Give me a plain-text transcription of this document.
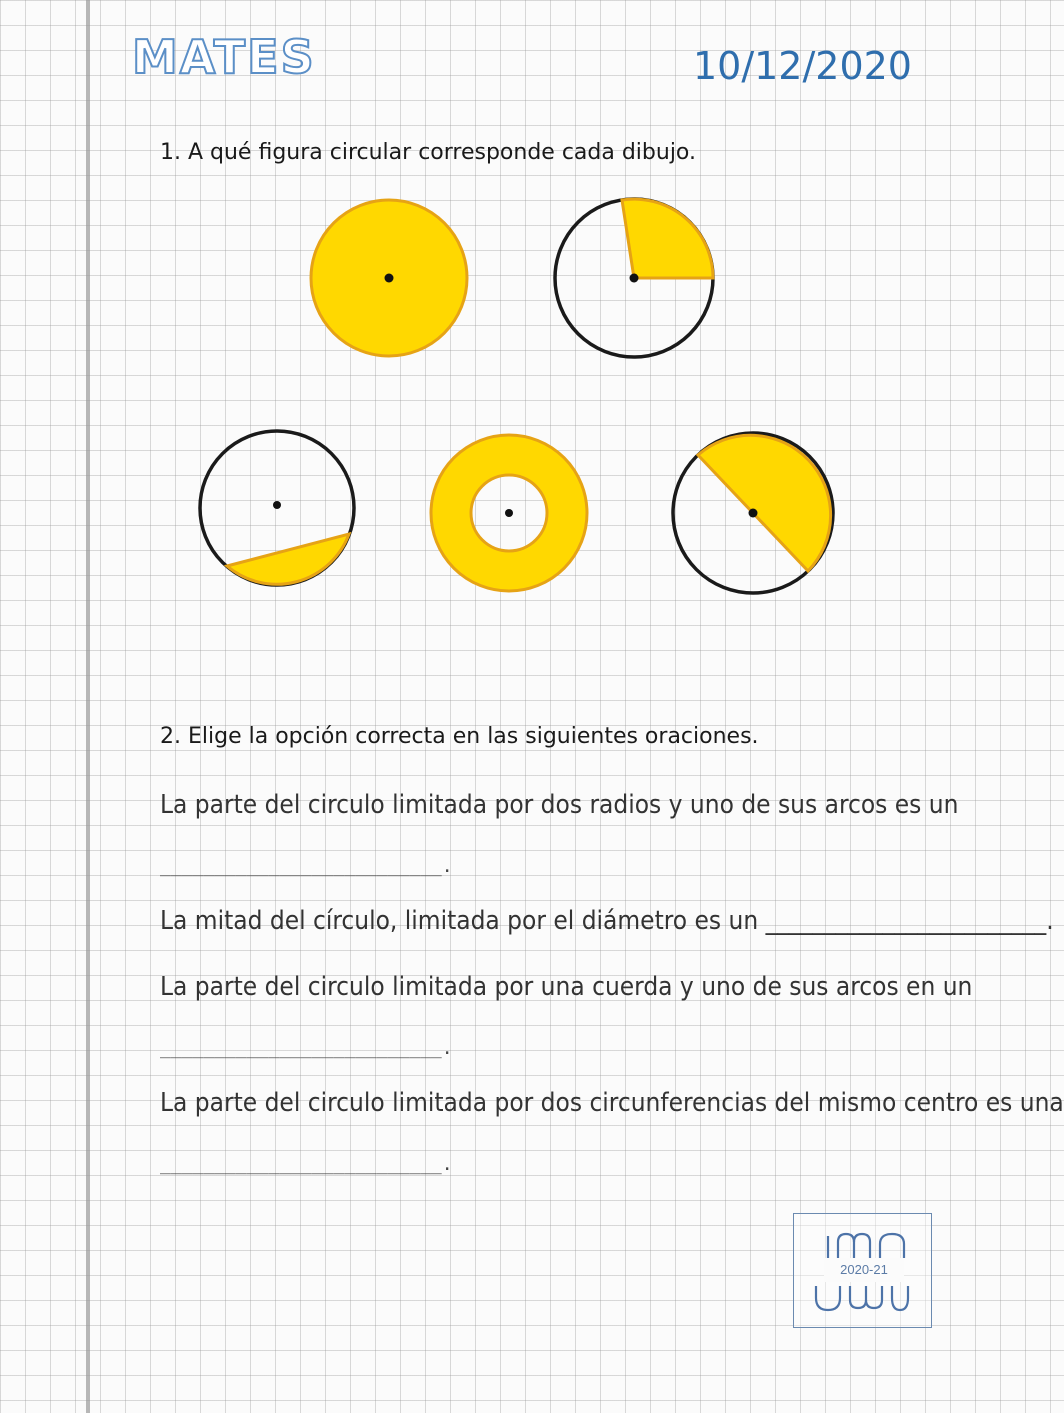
MATES	10/12/2020
1. A qué figura circular corresponde cada dibujo.
2. Elige la opción correcta en las siguientes oraciones.
La parte del circulo limitada por dos radios y uno de sus arcos es un
__________________________.
La mitad del círculo, limitada por el diámetro es un ________________________.
La parte del circulo limitada por una cuerda y uno de sus arcos en un
__________________________.
La parte del circulo limitada por dos circunferencias del mismo centro es una
__________________________.
2020-21
